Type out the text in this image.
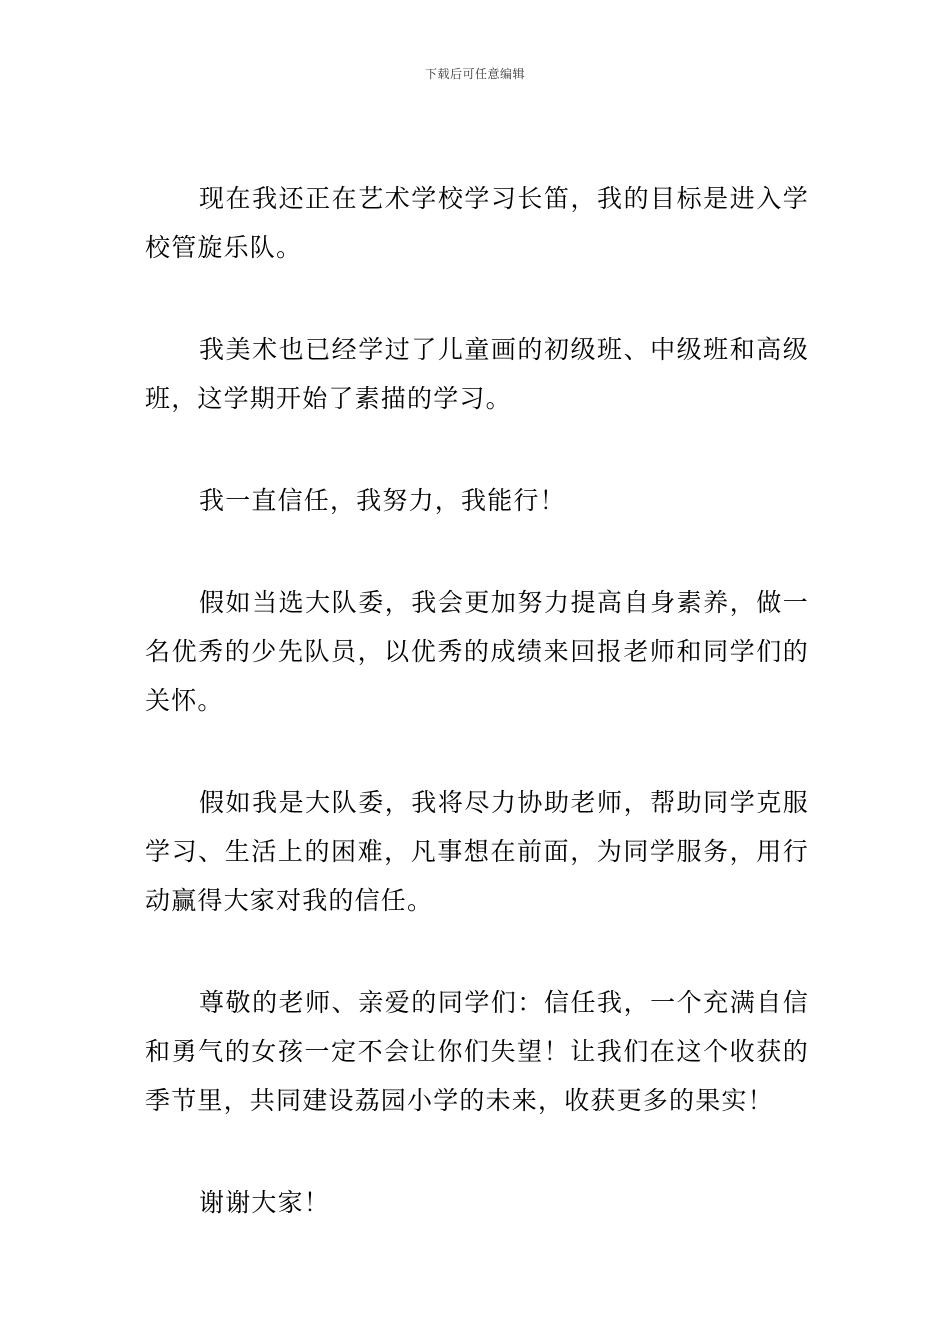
下载后可任意编辑

现在我还正在艺术学校学习长笛，我的目标是进入学校管旋乐队。

我美术也已经学过了儿童画的初级班、中级班和高级班，这学期开始了素描的学习。

我一直信任，我努力，我能行！

假如当选大队委，我会更加努力提高自身素养，做一名优秀的少先队员，以优秀的成绩来回报老师和同学们的关怀。

假如我是大队委，我将尽力协助老师，帮助同学克服学习、生活上的困难，凡事想在前面，为同学服务，用行动赢得大家对我的信任。

尊敬的老师、亲爱的同学们：信任我，一个充满自信和勇气的女孩一定不会让你们失望！让我们在这个收获的季节里，共同建设荔园小学的未来，收获更多的果实！

谢谢大家！
